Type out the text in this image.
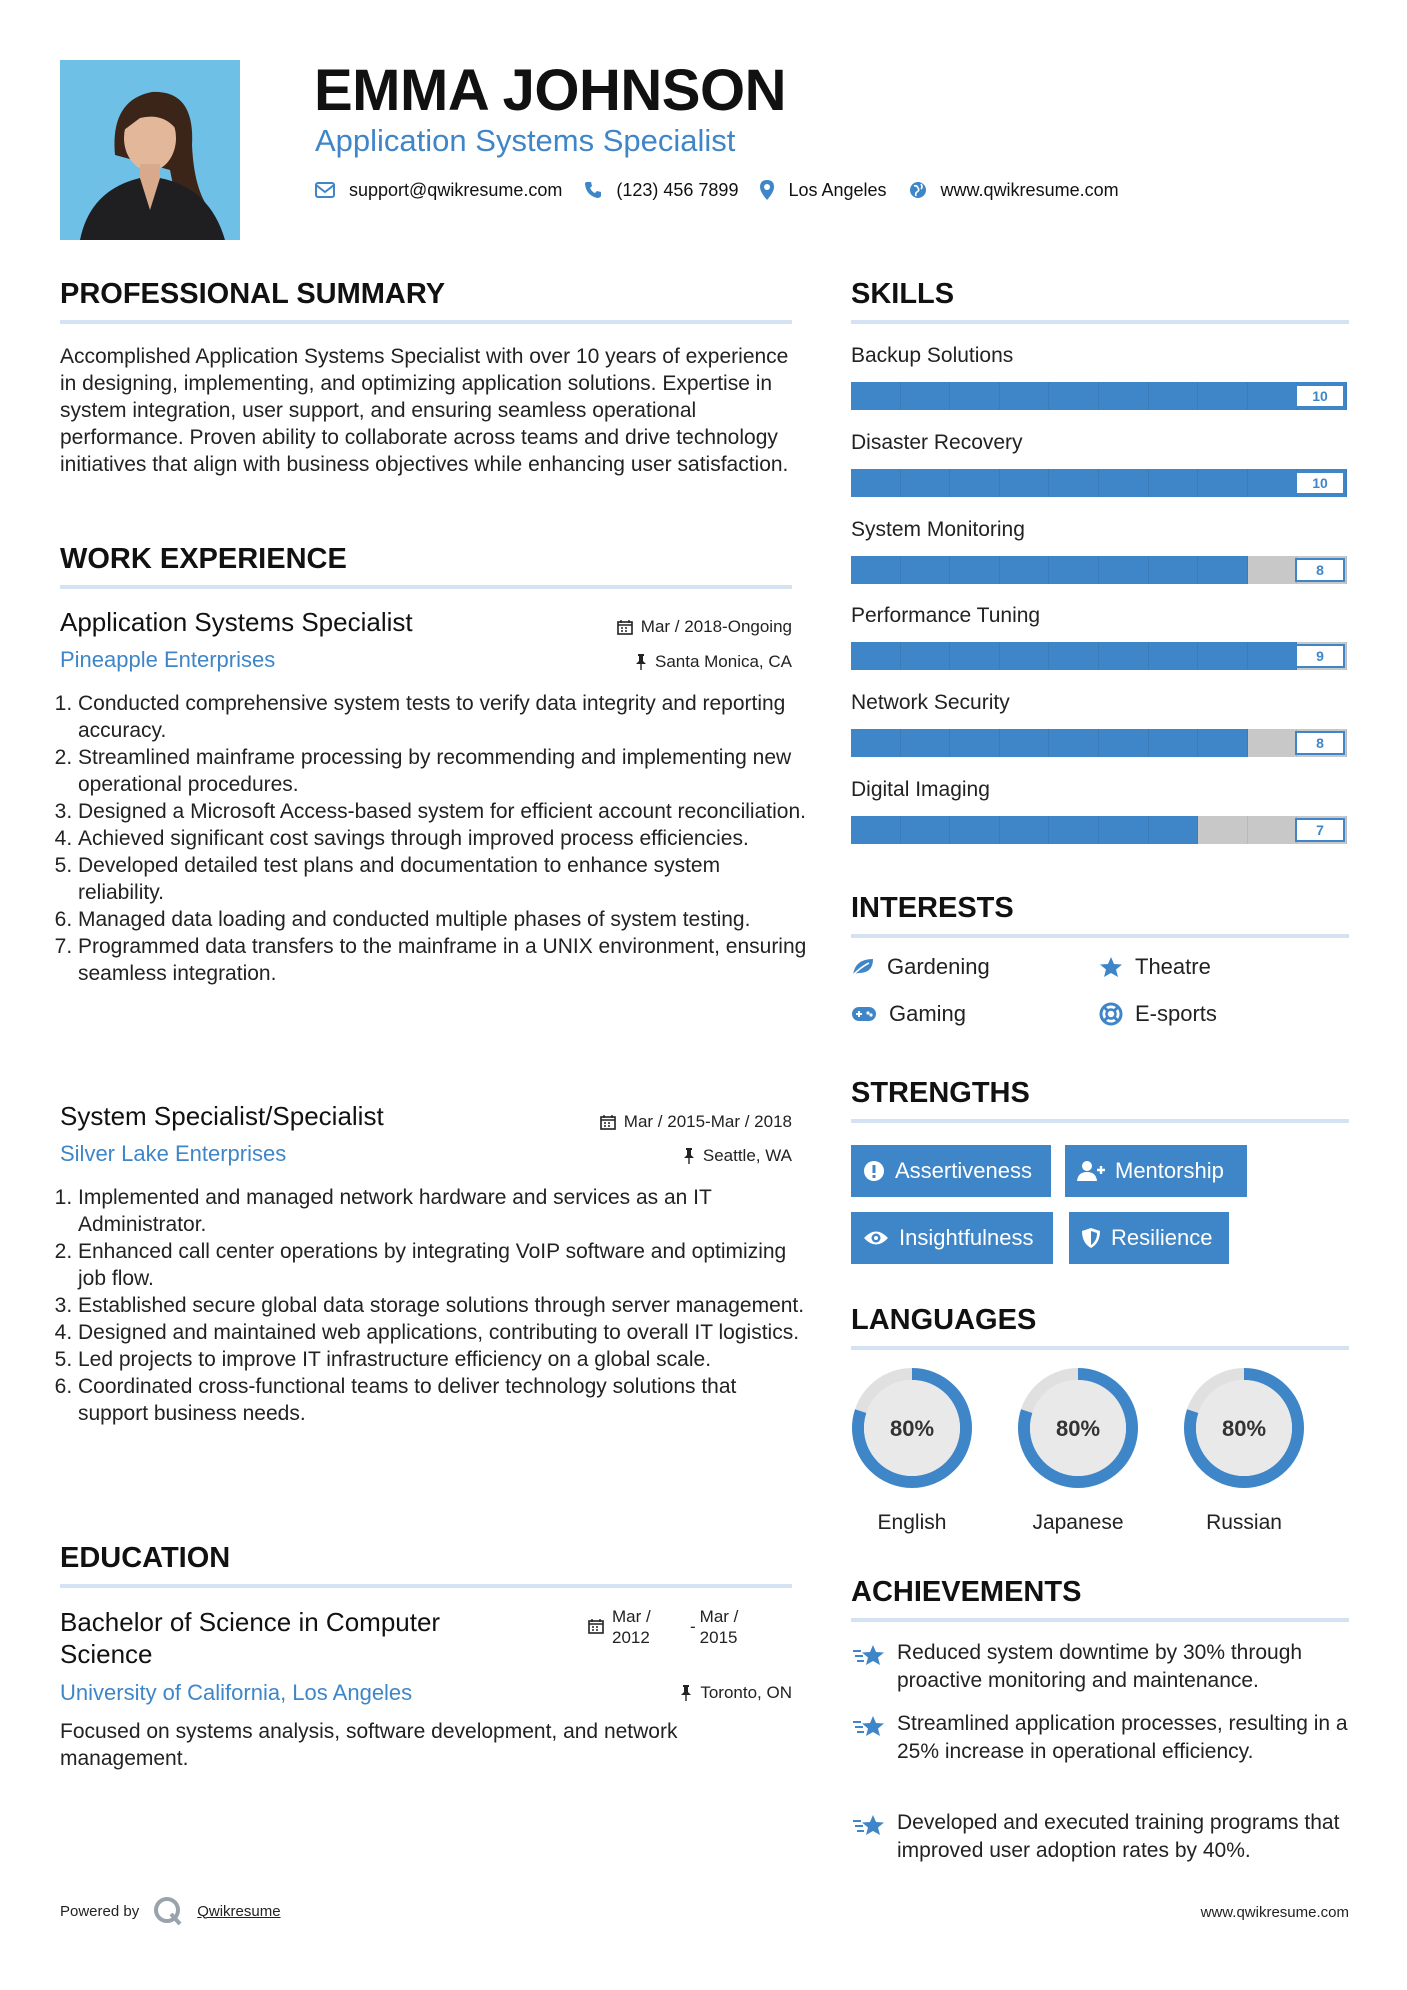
EMMA JOHNSON
Application Systems Specialist
support@qwikresume.com	(123) 456 7899	Los Angeles	www.qwikresume.com
PROFESSIONAL SUMMARY
Accomplished Application Systems Specialist with over 10 years of experience in designing, implementing, and optimizing application solutions. Expertise in system integration, user support, and ensuring seamless operational performance. Proven ability to collaborate across teams and drive technology initiatives that align with business objectives while enhancing user satisfaction.
WORK EXPERIENCE
Application Systems Specialist	Mar / 2018-Ongoing
Pineapple Enterprises	Santa Monica, CA
1. Conducted comprehensive system tests to verify data integrity and reporting accuracy.
2. Streamlined mainframe processing by recommending and implementing new operational procedures.
3. Designed a Microsoft Access-based system for efficient account reconciliation.
4. Achieved significant cost savings through improved process efficiencies.
5. Developed detailed test plans and documentation to enhance system reliability.
6. Managed data loading and conducted multiple phases of system testing.
7. Programmed data transfers to the mainframe in a UNIX environment, ensuring seamless integration.
System Specialist/Specialist	Mar / 2015-Mar / 2018
Silver Lake Enterprises	Seattle, WA
1. Implemented and managed network hardware and services as an IT Administrator.
2. Enhanced call center operations by integrating VoIP software and optimizing job flow.
3. Established secure global data storage solutions through server management.
4. Designed and maintained web applications, contributing to overall IT logistics.
5. Led projects to improve IT infrastructure efficiency on a global scale.
6. Coordinated cross-functional teams to deliver technology solutions that support business needs.
EDUCATION
Bachelor of Science in Computer Science
Mar / 2012
-
Mar / 2015
University of California, Los Angeles	Toronto, ON
Focused on systems analysis, software development, and network management.
SKILLS
Backup Solutions
10
Disaster Recovery
10
System Monitoring
8
Performance Tuning
9
Network Security
8
Digital Imaging
7
INTERESTS
Gardening	Theatre
Gaming	E-sports
STRENGTHS
Assertiveness	Mentorship
Insightfulness	Resilience
LANGUAGES
80%
English
80%
Japanese
80%
Russian
ACHIEVEMENTS
Reduced system downtime by 30% through proactive monitoring and maintenance.
Streamlined application processes, resulting in a 25% increase in operational efficiency.
Developed and executed training programs that improved user adoption rates by 40%.
Powered by	Qwikresume	www.qwikresume.com
